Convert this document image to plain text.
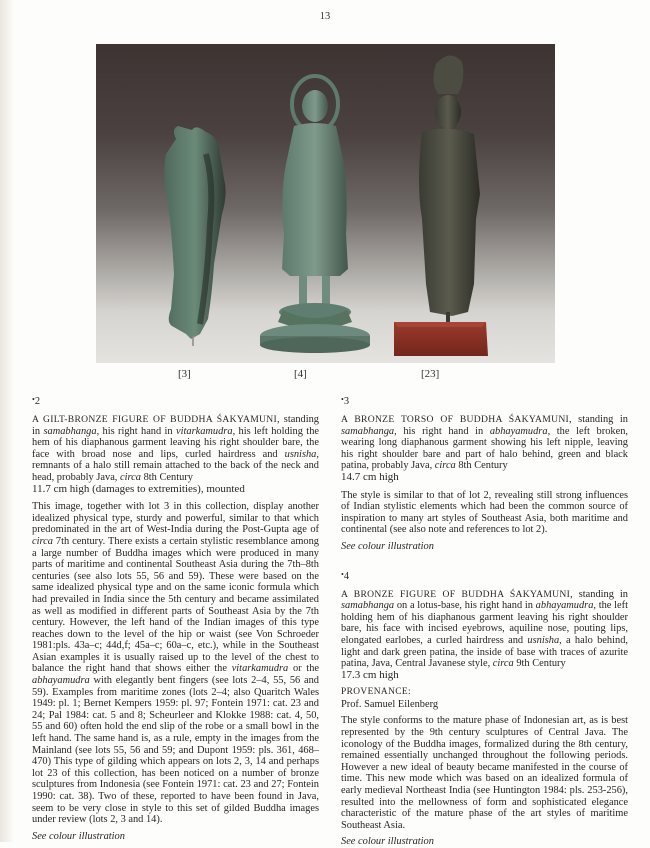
13
[3]	[4]	[23]
•2

A GILT-BRONZE FIGURE OF BUDDHA ŚAKYAMUNI, standing in samabhanga, his right hand in vitarkamudra, his left holding the hem of his diaphanous garment leaving his right shoulder bare, the face with broad nose and lips, curled hairdress and usnisha, remnants of a halo still remain attached to the back of the neck and head, probably Java, circa 8th Century

11.7 cm high (damages to extremities), mounted

This image, together with lot 3 in this collection, display another idealized physical type, sturdy and powerful, similar to that which predominated in the art of West-India during the Post-Gupta age of circa 7th century. There exists a certain stylistic resemblance among a large number of Buddha images which were produced in many parts of maritime and continental Southeast Asia during the 7th–8th centuries (see also lots 55, 56 and 59). These were based on the same idealized physical type and on the same iconic formula which had prevailed in India since the 5th century and became assimilated as well as modified in different parts of Southeast Asia by the 7th century. However, the left hand of the Indian images of this type reaches down to the level of the hip or waist (see Von Schroeder 1981:pls. 43a–c; 44d,f; 45a–c; 60a–c, etc.), while in the Southeast Asian examples it is usually raised up to the level of the chest to balance the right hand that shows either the vitarkamudra or the abhayamudra with elegantly bent fingers (see lots 2–4, 55, 56 and 59). Examples from maritime zones (lots 2–4; also Quaritch Wales 1949: pl. 1; Bernet Kempers 1959: pl. 97; Fontein 1971: cat. 23 and 24; Pal 1984: cat. 5 and 8; Scheurleer and Klokke 1988: cat. 4, 50, 55 and 60) often hold the end slip of the robe or a small bowl in the left hand. The same hand is, as a rule, empty in the images from the Mainland (see lots 55, 56 and 59; and Dupont 1959: pls. 361, 468–470) This type of gilding which appears on lots 2, 3, 14 and perhaps lot 23 of this collection, has been noticed on a number of bronze sculptures from Indonesia (see Fontein 1971: cat. 23 and 27; Fontein 1990: cat. 38). Two of these, reported to have been found in Java, seem to be very close in style to this set of gilded Buddha images under review (lots 2, 3 and 14).

See colour illustration

•3

A BRONZE TORSO OF BUDDHA ŚAKYAMUNI, standing in samabhanga, his right hand in abhayamudra, the left broken, wearing long diaphanous garment showing his left nipple, leaving his right shoulder bare and part of halo behind, green and black patina, probably Java, circa 8th Century

14.7 cm high

The style is similar to that of lot 2, revealing still strong influences of Indian stylistic elements which had been the common source of inspiration to many art styles of Southeast Asia, both maritime and continental (see also note and references to lot 2).

See colour illustration

•4

A BRONZE FIGURE OF BUDDHA ŚAKYAMUNI, standing in samabhanga on a lotus-base, his right hand in abhayamudra, the left holding hem of his diaphanous garment leaving his right shoulder bare, his face with incised eyebrows, aquiline nose, pouting lips, elongated earlobes, a curled hairdress and usnisha, a halo behind, light and dark green patina, the inside of base with traces of azurite patina, Java, Central Javanese style, circa 9th Century

17.3 cm high

PROVENANCE:

Prof. Samuel Eilenberg

The style conforms to the mature phase of Indonesian art, as is best represented by the 9th century sculptures of Central Java. The iconology of the Buddha images, formalized during the 8th century, remained essentially unchanged throughout the following periods. However a new ideal of beauty became manifested in the course of time. This new mode which was based on an idealized formula of early medieval Northeast India (see Huntington 1984: pls. 253-256), resulted into the mellowness of form and sophisticated elegance characteristic of the mature phase of the art styles of maritime Southeast Asia.

See colour illustration
